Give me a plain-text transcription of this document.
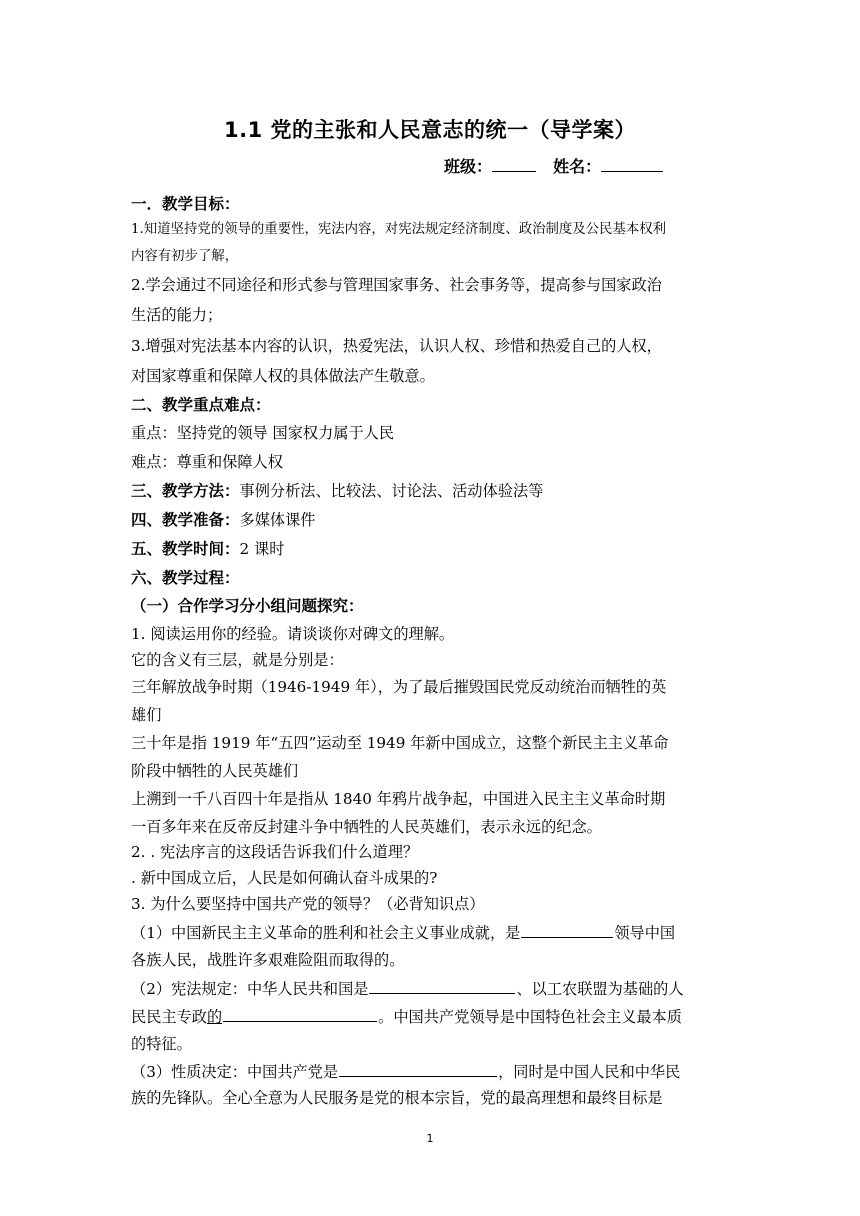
1.1 党的主张和人民意志的统一（导学案）
班级：	姓名：
一．教学目标：
1.知道坚持党的领导的重要性，宪法内容，对宪法规定经济制度、政治制度及公民基本权利
内容有初步了解，
2.学会通过不同途径和形式参与管理国家事务、社会事务等，提高参与国家政治
生活的能力；
3.增强对宪法基本内容的认识，热爱宪法，认识人权、珍惜和热爱自己的人权，
对国家尊重和保障人权的具体做法产生敬意。
二、教学重点难点：
重点：坚持党的领导 国家权力属于人民
难点：尊重和保障人权
三、教学方法：事例分析法、比较法、讨论法、活动体验法等
四、教学准备：多媒体课件
五、教学时间：2 课时
六、教学过程：
（一）合作学习分小组问题探究：
1. 阅读运用你的经验。请谈谈你对碑文的理解。
它的含义有三层，就是分别是：
三年解放战争时期（1946-1949 年），为了最后摧毁国民党反动统治而牺牲的英
雄们
三十年是指 1919 年“五四”运动至 1949 年新中国成立，这整个新民主主义革命
阶段中牺牲的人民英雄们
上溯到一千八百四十年是指从 1840 年鸦片战争起，中国进入民主主义革命时期
一百多年来在反帝反封建斗争中牺牲的人民英雄们，表示永远的纪念。
2. . 宪法序言的这段话告诉我们什么道理？
. 新中国成立后，人民是如何确认奋斗成果的?
3. 为什么要坚持中国共产党的领导？（必背知识点）
（1）中国新民主主义革命的胜利和社会主义事业成就，是	领导中国
各族人民，战胜许多艰难险阻而取得的。
（2）宪法规定：中华人民共和国是	、以工农联盟为基础的人
民民主专政的	。中国共产党领导是中国特色社会主义最本质
的特征。
（3）性质决定：中国共产党是	，同时是中国人民和中华民
族的先锋队。全心全意为人民服务是党的根本宗旨，党的最高理想和最终目标是
1
